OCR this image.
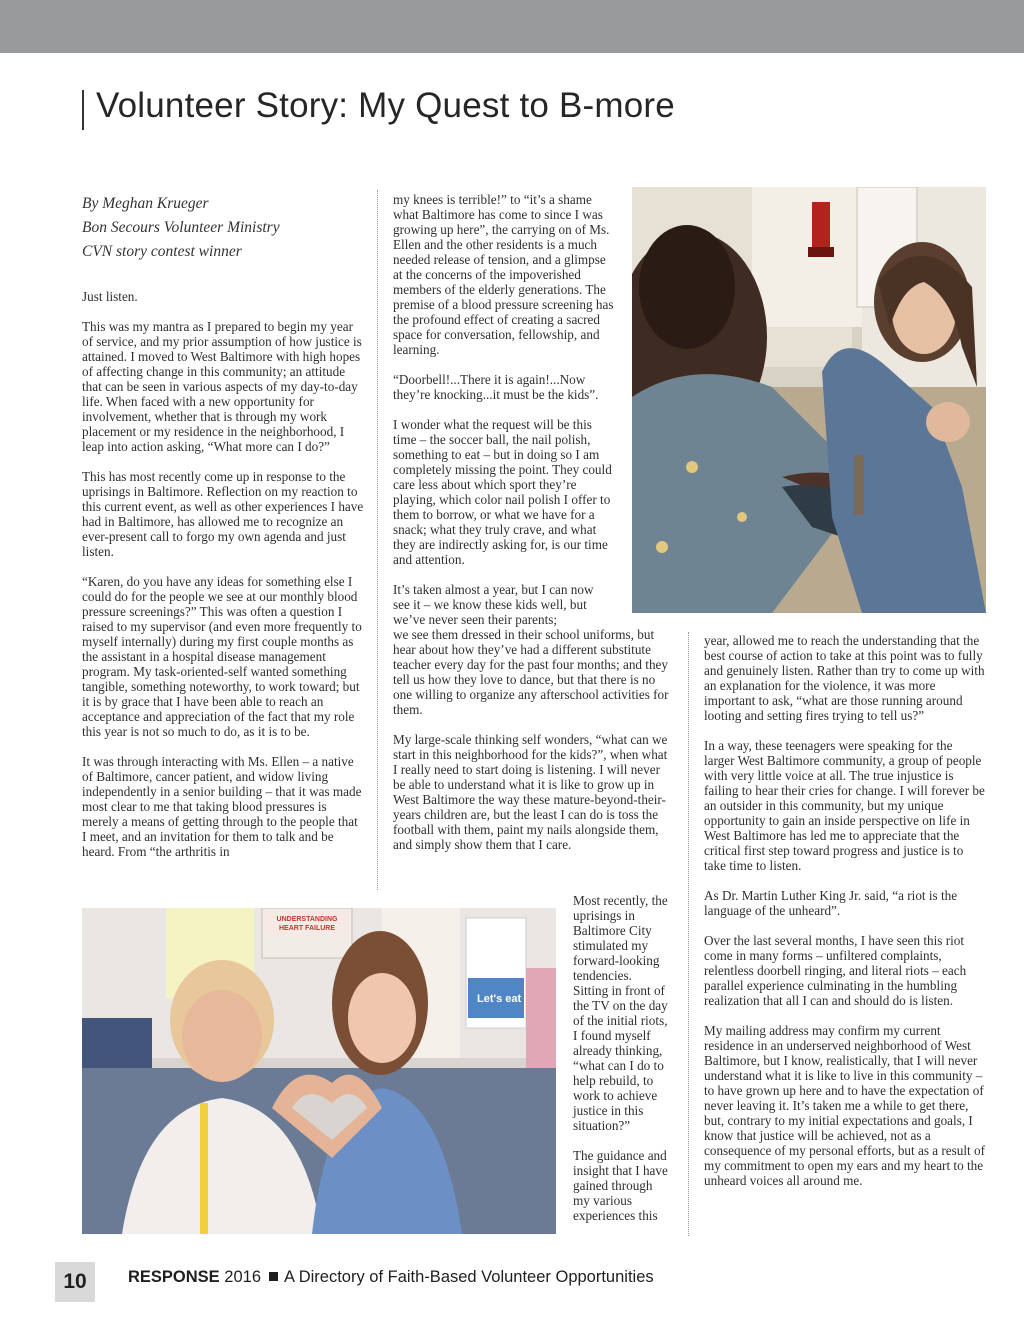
Volunteer Story: My Quest to B-more
By Meghan Krueger
Bon Secours Volunteer Ministry
CVN story contest winner

Just listen.

This was my mantra as I prepared to begin my year of service, and my prior assumption of how justice is attained. I moved to West Baltimore with high hopes of affecting change in this community; an attitude that can be seen in various aspects of my day-to-day life. When faced with a new opportunity for involvement, whether that is through my work placement or my residence in the neighborhood, I leap into action asking, “What more can I do?”

This has most recently come up in response to the uprisings in Baltimore. Reflection on my reaction to this current event, as well as other experiences I have had in Baltimore, has allowed me to recognize an ever-present call to forgo my own agenda and just listen.

“Karen, do you have any ideas for something else I could do for the people we see at our monthly blood pressure screenings?” This was often a question I raised to my supervisor (and even more frequently to myself internally) during my first couple months as the assistant in a hospital disease management program. My task-oriented-self wanted something tangible, something noteworthy, to work toward; but it is by grace that I have been able to reach an acceptance and appreciation of the fact that my role this year is not so much to do, as it is to be.

It was through interacting with Ms. Ellen – a native of Baltimore, cancer patient, and widow living independently in a senior building – that it was made most clear to me that taking blood pressures is merely a means of getting through to the people that I meet, and an invitation for them to talk and be heard. From “the arthritis in

my knees is terrible!” to “it’s a shame what Baltimore has come to since I was growing up here”, the carrying on of Ms. Ellen and the other residents is a much needed release of tension, and a glimpse at the concerns of the impoverished members of the elderly generations. The premise of a blood pressure screening has the profound effect of creating a sacred space for conversation, fellowship, and learning.

“Doorbell!...There it is again!...Now they’re knocking...it must be the kids”.

I wonder what the request will be this time – the soccer ball, the nail polish, something to eat – but in doing so I am completely missing the point. They could care less about which sport they’re playing, which color nail polish I offer to them to borrow, or what we have for a snack; what they truly crave, and what they are indirectly asking for, is our time and attention.

It’s taken almost a year, but I can now see it – we know these kids well, but we’ve never seen their parents;

we see them dressed in their school uniforms, but hear about how they’ve had a different substitute teacher every day for the past four months; and they tell us how they love to dance, but that there is no one willing to organize any afterschool activities for them.

My large-scale thinking self wonders, “what can we start in this neighborhood for the kids?”, when what I really need to start doing is listening. I will never be able to understand what it is like to grow up in West Baltimore the way these mature-beyond-their-years children are, but the least I can do is toss the football with them, paint my nails alongside them, and simply show them that I care.

Most recently, the uprisings in Baltimore City stimulated my forward-looking tendencies. Sitting in front of the TV on the day of the initial riots, I found myself already thinking, “what can I do to help rebuild, to work to achieve justice in this situation?”

The guidance and insight that I have gained through my various experiences this

year, allowed me to reach the understanding that the best course of action to take at this point was to fully and genuinely listen. Rather than try to come up with an explanation for the violence, it was more important to ask, “what are those running around looting and setting fires trying to tell us?”

In a way, these teenagers were speaking for the larger West Baltimore community, a group of people with very little voice at all. The true injustice is failing to hear their cries for change. I will forever be an outsider in this community, but my unique opportunity to gain an inside perspective on life in West Baltimore has led me to appreciate that the critical first step toward progress and justice is to take time to listen.

As Dr. Martin Luther King Jr. said, “a riot is the language of the unheard”.

Over the last several months, I have seen this riot come in many forms – unfiltered complaints, relentless doorbell ringing, and literal riots – each parallel experience culminating in the humbling realization that all I can and should do is listen.

My mailing address may confirm my current residence in an underserved neighborhood of West Baltimore, but I know, realistically, that I will never understand what it is like to live in this community – to have grown up here and to have the expectation of never leaving it. It’s taken me a while to get there, but, contrary to my initial expectations and goals, I know that justice will be achieved, not as a consequence of my personal efforts, but as a result of my commitment to open my ears and my heart to the unheard voices all around me.

UNDERSTANDING
HEART FAILURE
Let's eat
10	RESPONSE 2016 A Directory of Faith-Based Volunteer Opportunities
